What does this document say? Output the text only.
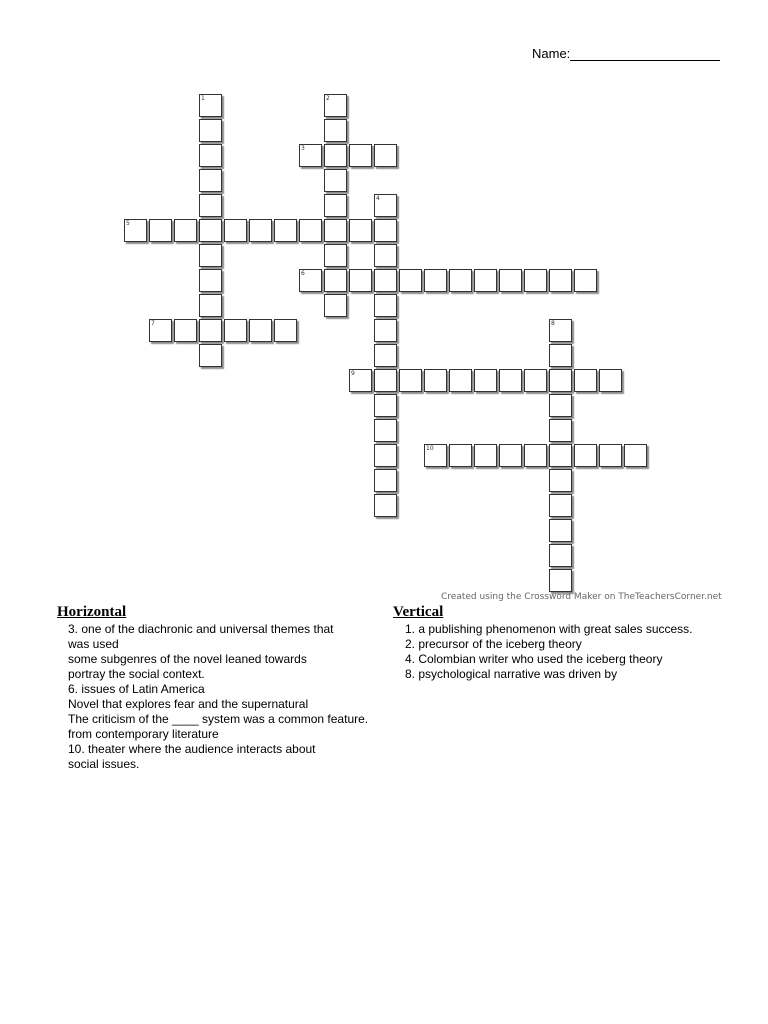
Name:
1	2
3
4
5
6
7	8
9
10
Created using the Crossword Maker on TheTeachersCorner.net
Horizontal
3. one of the diachronic and universal themes that
was used
some subgenres of the novel leaned towards
portray the social context.
6. issues of Latin America
Novel that explores fear and the supernatural
The criticism of the ____ system was a common feature.
from contemporary literature
10. theater where the audience interacts about
social issues.
Vertical
1. a publishing phenomenon with great sales success.
2. precursor of the iceberg theory
4. Colombian writer who used the iceberg theory
8. psychological narrative was driven by
